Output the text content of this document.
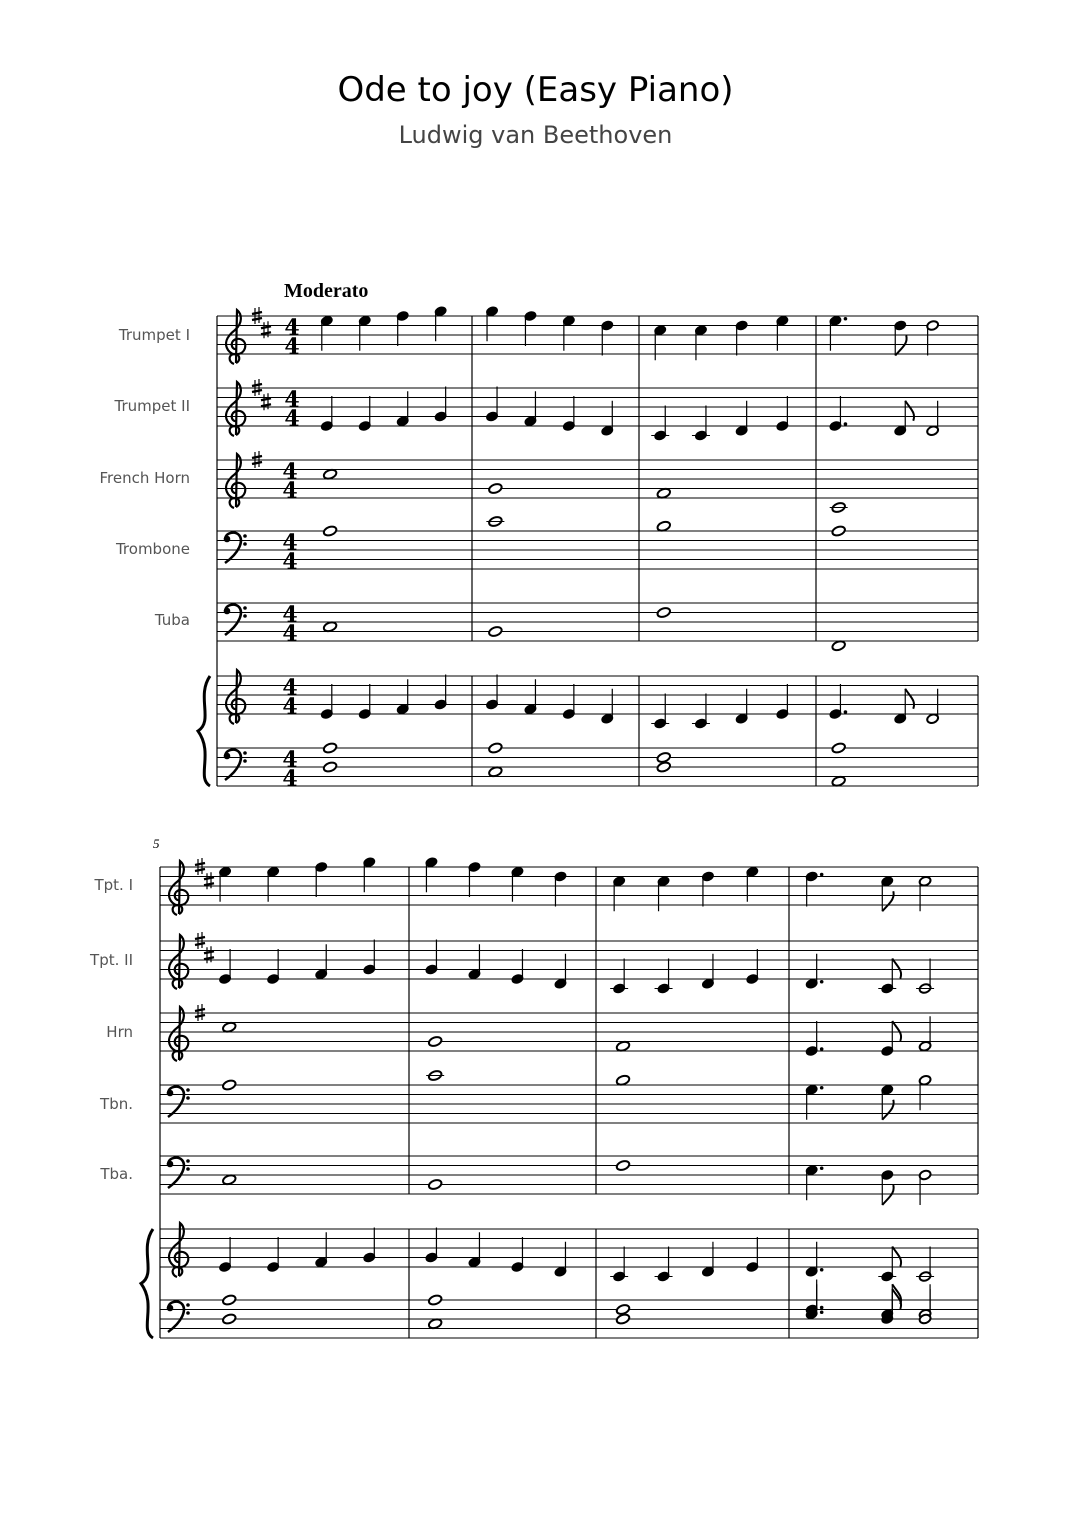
Ode to joy (Easy Piano)
Ludwig van Beethoven
Moderato
5
Trumpet I
Trumpet II
French Horn
Trombone
Tuba
Tpt. I
Tpt. II
Hrn
Tbn.
Tba.
4
4
4
4
4
4
4
4
4
4
4
4
4
4
